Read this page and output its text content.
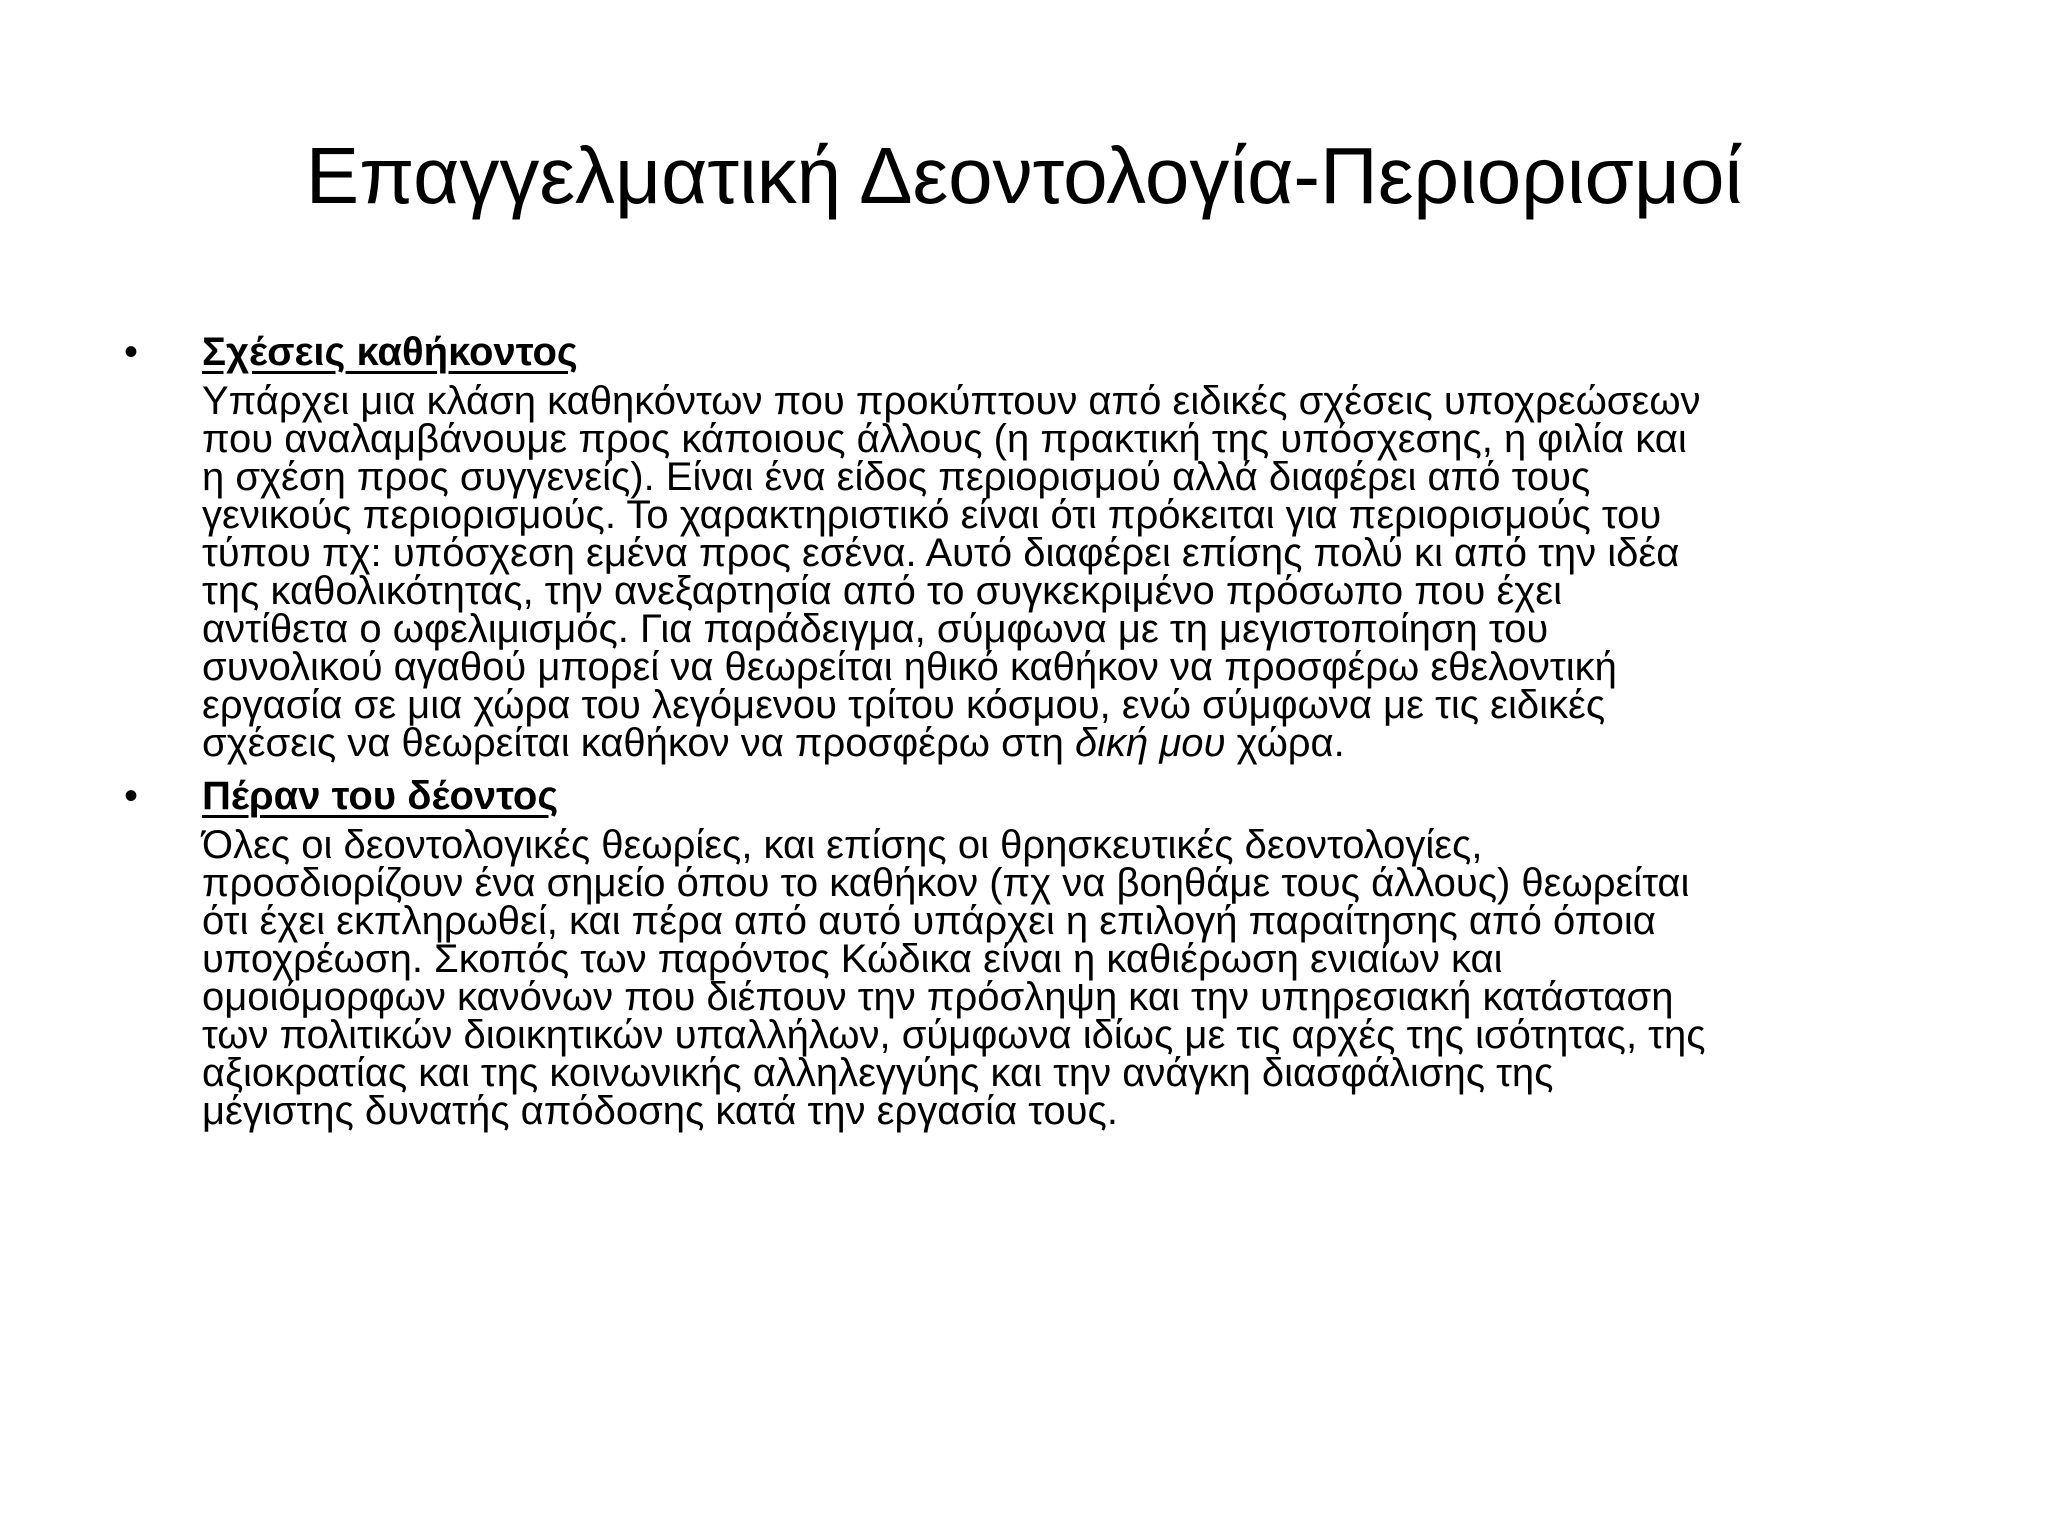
Επαγγελματική Δεοντολογία-Περιορισμοί
• Σχέσεις καθήκοντος
Υπάρχει μια κλάση καθηκόντων που προκύπτουν από ειδικές σχέσεις υποχρεώσεων
που αναλαμβάνουμε προς κάποιους άλλους (η πρακτική της υπόσχεσης, η φιλία και
η σχέση προς συγγενείς). Είναι ένα είδος περιορισμού αλλά διαφέρει από τους
γενικούς περιορισμούς. Το χαρακτηριστικό είναι ότι πρόκειται για περιορισμούς του
τύπου πχ: υπόσχεση εμένα προς εσένα. Αυτό διαφέρει επίσης πολύ κι από την ιδέα
της καθολικότητας, την ανεξαρτησία από το συγκεκριμένο πρόσωπο που έχει
αντίθετα ο ωφελιμισμός. Για παράδειγμα, σύμφωνα με τη μεγιστοποίηση του
συνολικού αγαθού μπορεί να θεωρείται ηθικό καθήκον να προσφέρω εθελοντική
εργασία σε μια χώρα του λεγόμενου τρίτου κόσμου, ενώ σύμφωνα με τις ειδικές
σχέσεις να θεωρείται καθήκον να προσφέρω στη δική μου χώρα.
• Πέραν του δέοντος
Όλες οι δεοντολογικές θεωρίες, και επίσης οι θρησκευτικές δεοντολογίες,
προσδιορίζουν ένα σημείο όπου το καθήκον (πχ να βοηθάμε τους άλλους) θεωρείται
ότι έχει εκπληρωθεί, και πέρα από αυτό υπάρχει η επιλογή παραίτησης από όποια
υποχρέωση. Σκοπός των παρόντος Κώδικα είναι η καθιέρωση ενιαίων και
ομοιόμορφων κανόνων που διέπουν την πρόσληψη και την υπηρεσιακή κατάσταση
των πολιτικών διοικητικών υπαλλήλων, σύμφωνα ιδίως με τις αρχές της ισότητας, της
αξιοκρατίας και της κοινωνικής αλληλεγγύης και την ανάγκη διασφάλισης της
μέγιστης δυνατής απόδοσης κατά την εργασία τους.
